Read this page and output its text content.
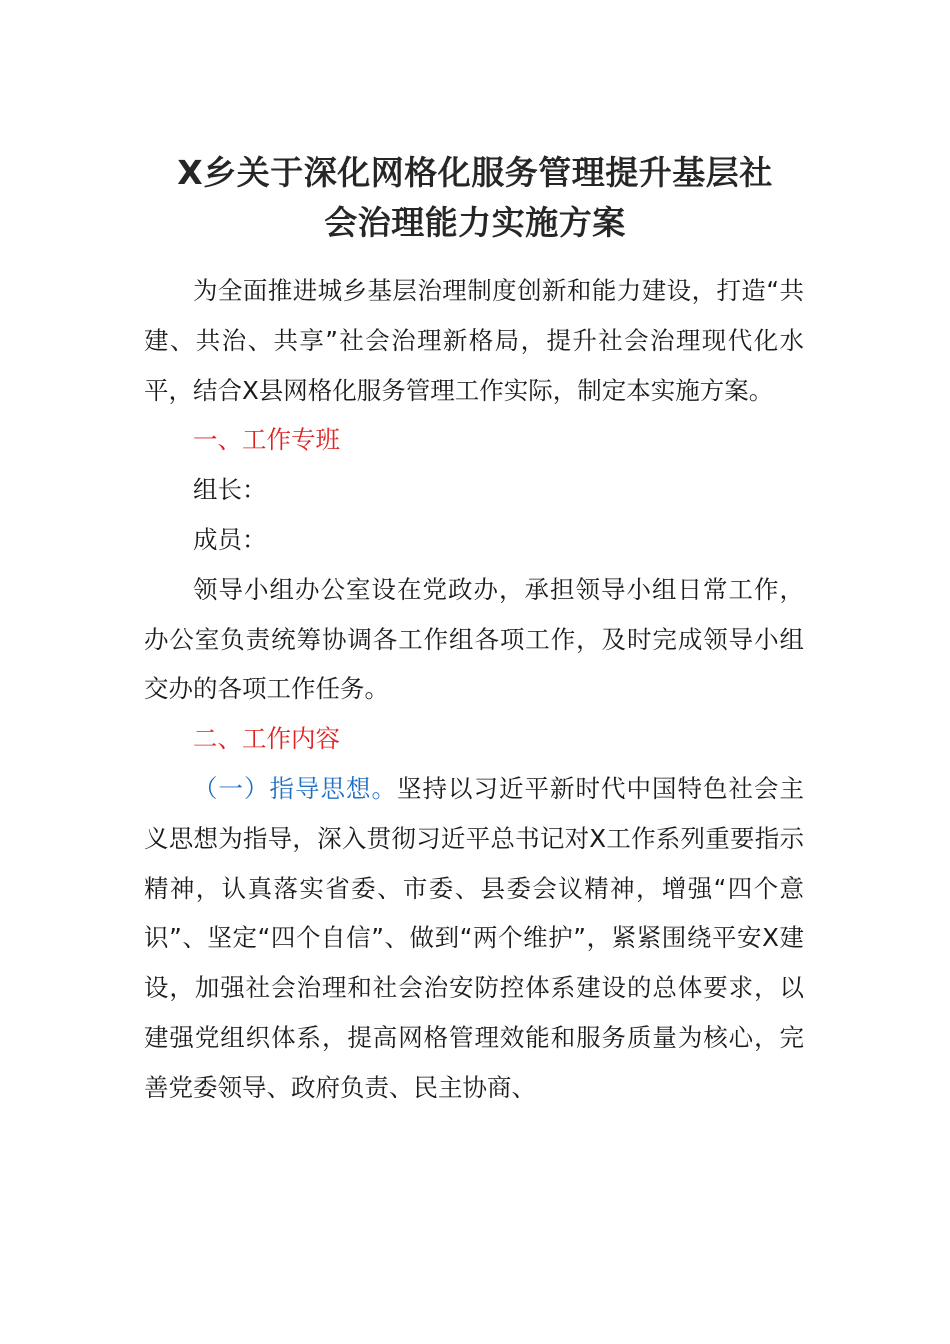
X乡关于深化网格化服务管理提升基层社
会治理能力实施方案

为全面推进城乡基层治理制度创新和能力建设，打造“共建、共治、共享”社会治理新格局，提升社会治理现代化水平，结合X县网格化服务管理工作实际，制定本实施方案。

一、工作专班

组长：

成员：

领导小组办公室设在党政办，承担领导小组日常工作，办公室负责统筹协调各工作组各项工作，及时完成领导小组交办的各项工作任务。

二、工作内容

（一）指导思想。坚持以习近平新时代中国特色社会主义思想为指导，深入贯彻习近平总书记对X工作系列重要指示精神，认真落实省委、市委、县委会议精神，增强“四个意识”、坚定“四个自信”、做到“两个维护”，紧紧围绕平安X建设，加强社会治理和社会治安防控体系建设的总体要求，以建强党组织体系，提高网格管理效能和服务质量为核心，完善党委领导、政府负责、民主协商、
